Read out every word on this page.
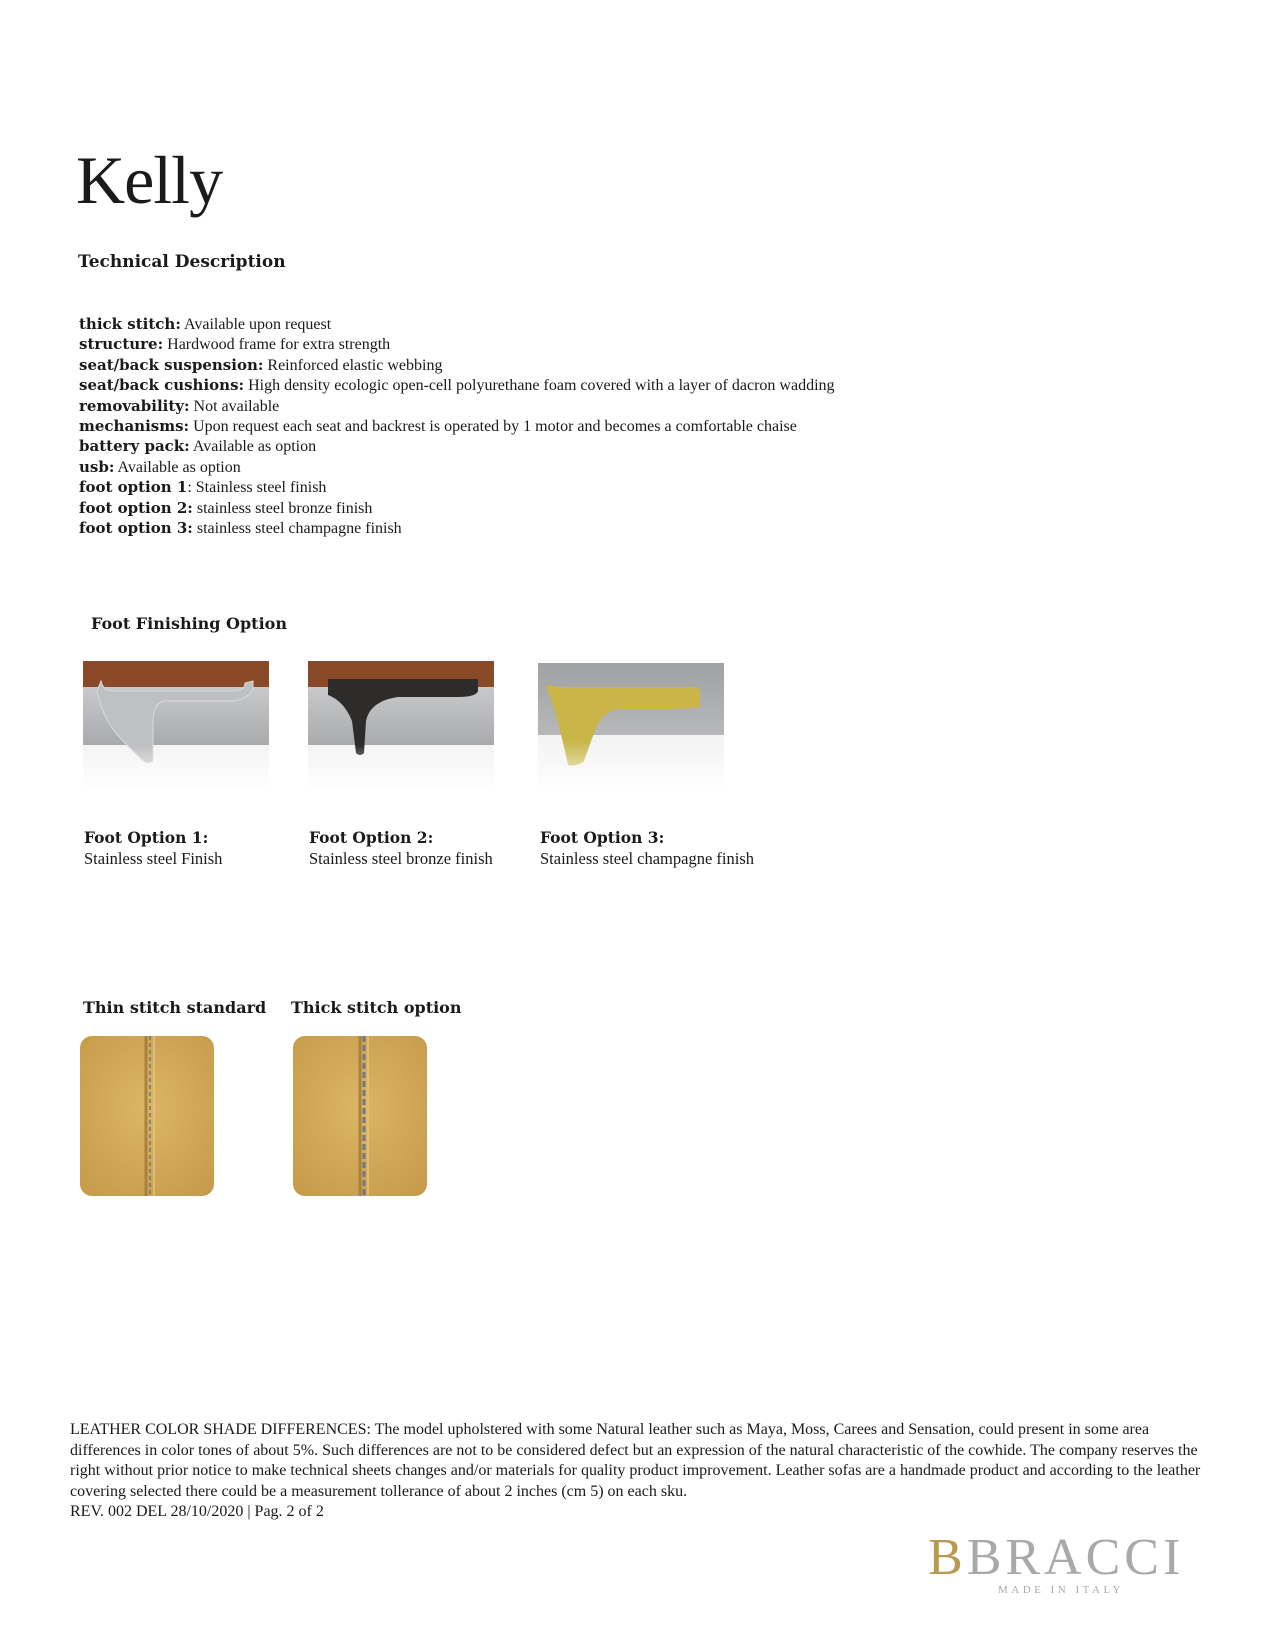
Kelly
Technical Description
thick stitch: Available upon request
structure: Hardwood frame for extra strength
seat/back suspension: Reinforced elastic webbing
seat/back cushions: High density ecologic open-cell polyurethane foam covered with a layer of dacron wadding
removability: Not available
mechanisms: Upon request each seat and backrest is operated by 1 motor and becomes a comfortable chaise
battery pack: Available as option
usb: Available as option
foot option 1: Stainless steel finish
foot option 2: stainless steel bronze finish
foot option 3: stainless steel champagne finish
Foot Finishing Option
Foot Option 1:
Stainless steel Finish
Foot Option 2:
Stainless steel bronze finish
Foot Option 3:
Stainless steel champagne finish
Thin stitch standard Thick stitch option

LEATHER COLOR SHADE DIFFERENCES: The model upholstered with some Natural leather such as Maya, Moss, Carees and Sensation, could present in some area differences in color tones of about 5%. Such differences are not to be considered defect but an expression of the natural characteristic of the cowhide. The company reserves the right without prior notice to make technical sheets changes and/or materials for quality product improvement. Leather sofas are a handmade product and according to the leather covering selected there could be a measurement tollerance of about 2 inches (cm 5) on each sku.

REV. 002 DEL 28/10/2020 | Pag. 2 of 2
BBRACCI
MADE IN ITALY
